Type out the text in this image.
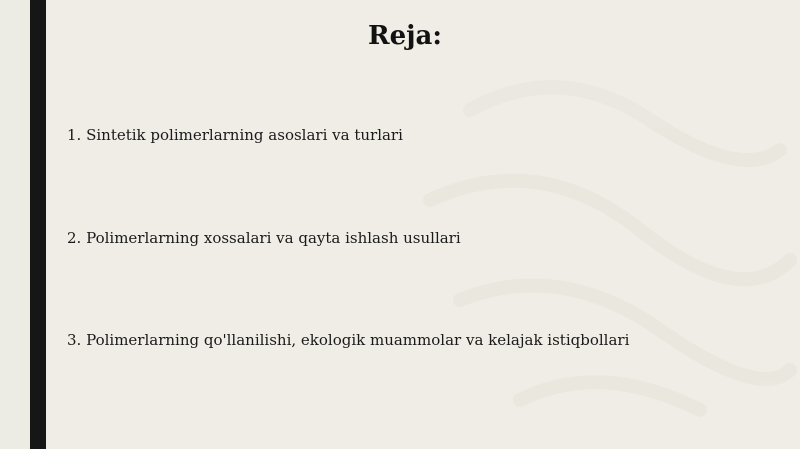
Reja:
1. Sintetik polimerlarning asoslari va turlari
2. Polimerlarning xossalari va qayta ishlash usullari
3. Polimerlarning qo'llanilishi, ekologik muammolar va kelajak istiqbollari
